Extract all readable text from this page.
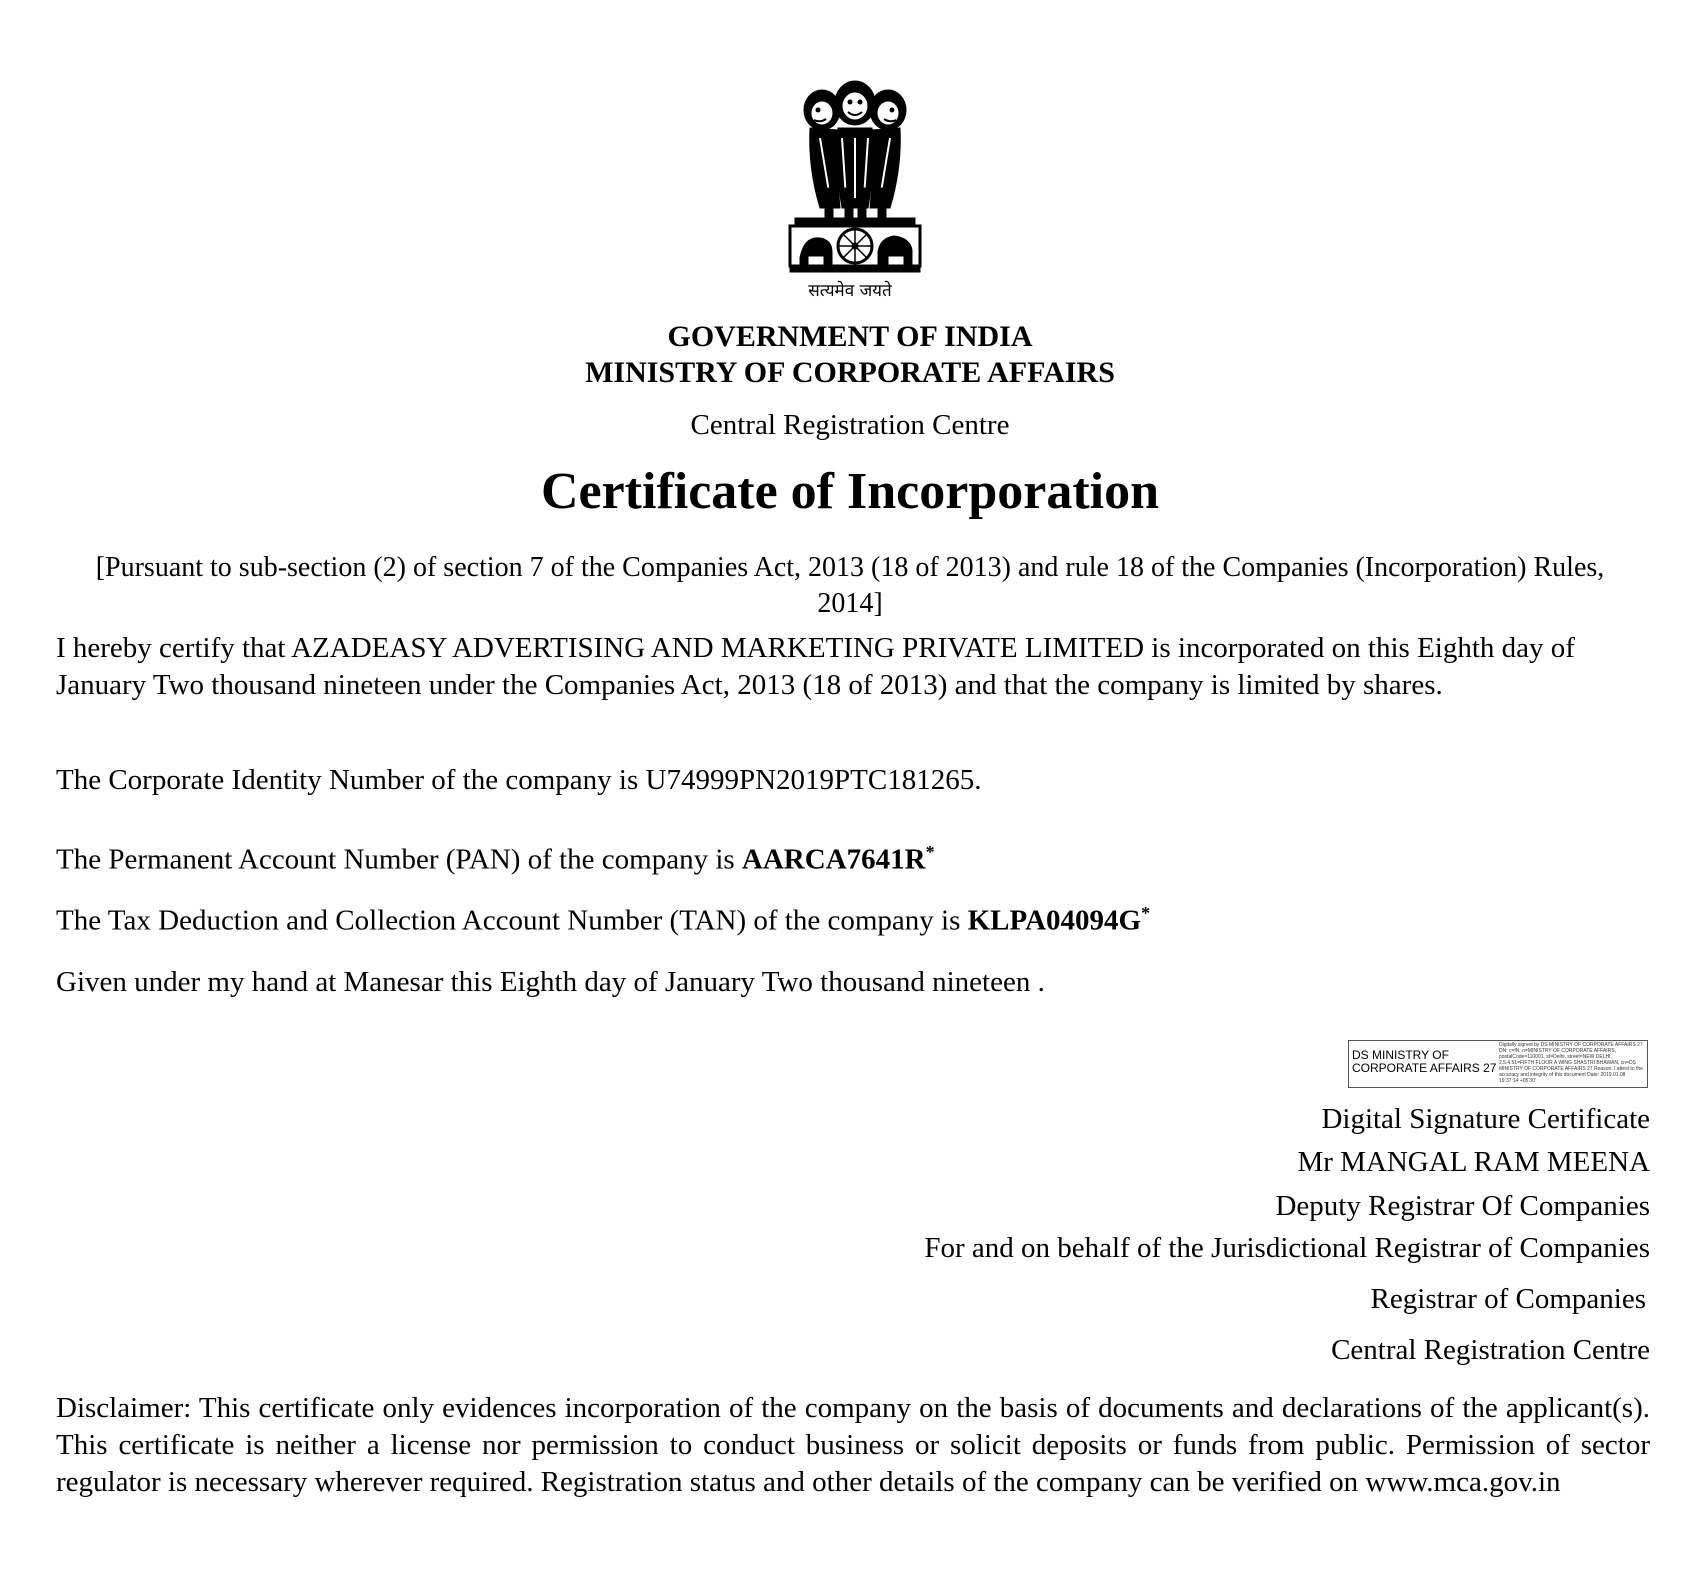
सत्यमेव जयते
GOVERNMENT OF INDIA
MINISTRY OF CORPORATE AFFAIRS
Central Registration Centre
Certificate of Incorporation
[Pursuant to sub-section (2) of section 7 of the Companies Act, 2013 (18 of 2013) and rule 18 of the Companies (Incorporation) Rules, 2014]
I hereby certify that AZADEASY ADVERTISING AND MARKETING PRIVATE LIMITED is incorporated on this Eighth day of January Two thousand nineteen under the Companies Act, 2013 (18 of 2013) and that the company is limited by shares.
The Corporate Identity Number of the company is U74999PN2019PTC181265.
The Permanent Account Number (PAN) of the company is AARCA7641R*
The Tax Deduction and Collection Account Number (TAN) of the company is KLPA04094G*
Given under my hand at Manesar this Eighth day of January Two thousand nineteen .
DS MINISTRY OF
CORPORATE AFFAIRS 27
Digitally signed by DS MINISTRY OF CORPORATE AFFAIRS 27 DN: c=IN, o=MINISTRY OF CORPORATE AFFAIRS, postalCode=110001, st=Delhi, street=NEW DELHI, 2.5.4.51=FIFTH FLOOR A WING SHASTRI BHAWAN, cn=DS MINISTRY OF CORPORATE AFFAIRS 27 Reason: I attest to the accuracy and integrity of this document Date: 2019.01.08 19:37:14 +05'30'
Digital Signature Certificate
Mr MANGAL RAM MEENA
Deputy Registrar Of Companies
For and on behalf of the Jurisdictional Registrar of Companies
Registrar of Companies
Central Registration Centre
Disclaimer: This certificate only evidences incorporation of the company on the basis of documents and declarations of the applicant(s). This certificate is neither a license nor permission to conduct business or solicit deposits or funds from public. Permission of sector regulator is necessary wherever required. Registration status and other details of the company can be verified on www.mca.gov.in
